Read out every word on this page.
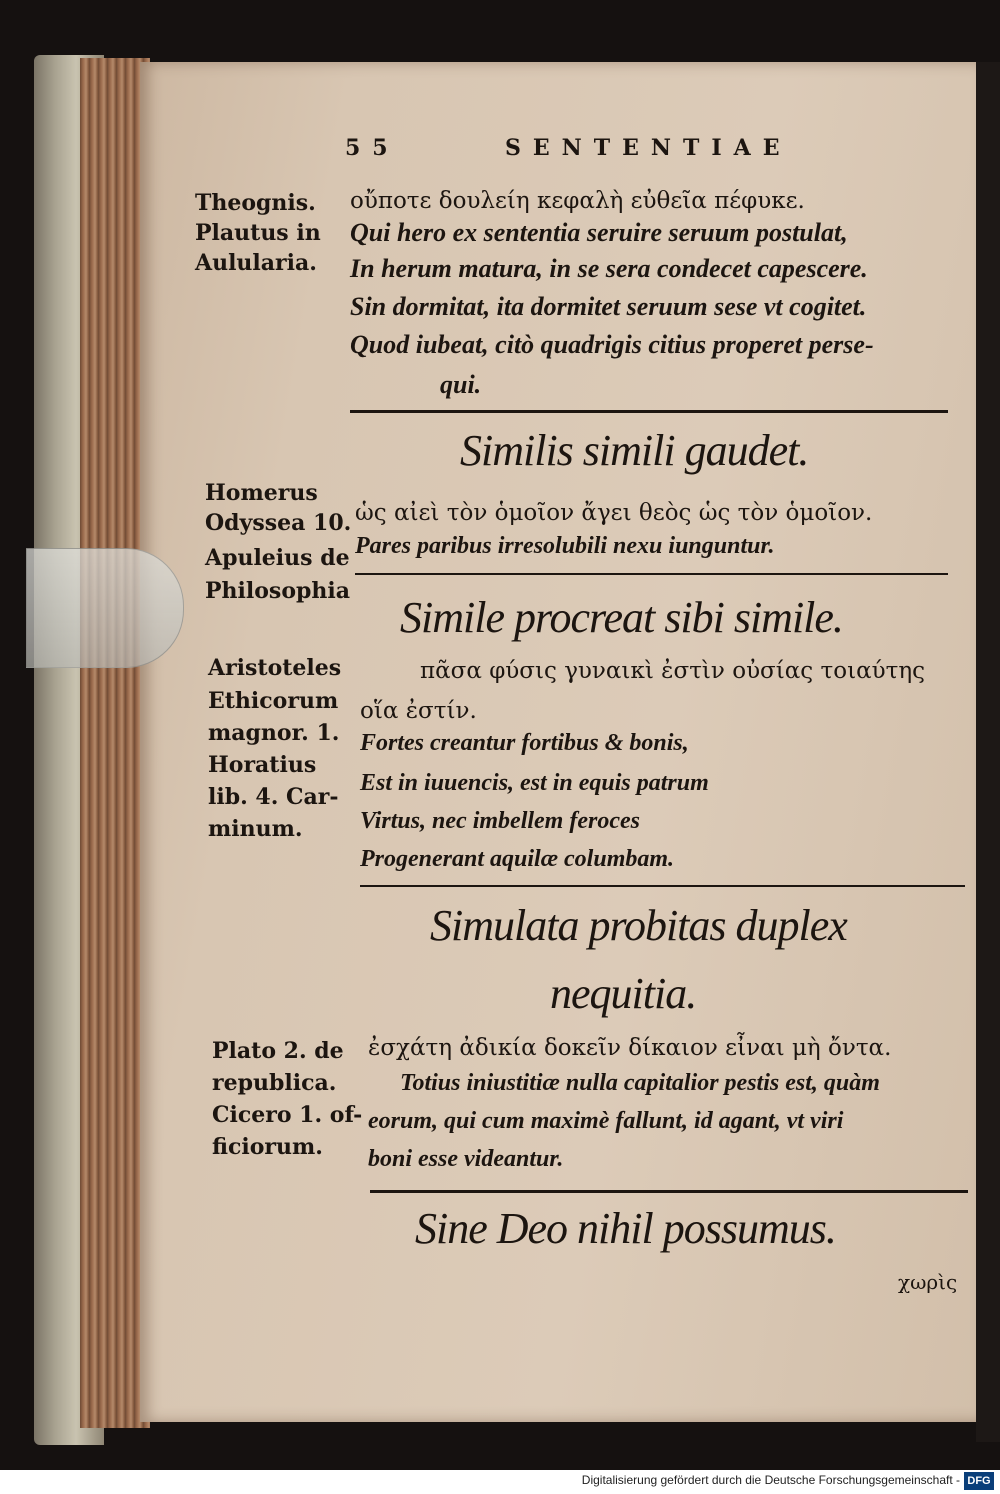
55	SENTENTIAE
Theognis.
Plautus in
Aulularia.
οὔποτε δουλείη κεφαλὴ εὐθεῖα πέφυκε.
Qui hero ex sententia seruire seruum postulat,
In herum matura, in se sera condecet capescere.
Sin dormitat, ita dormitet seruum sese vt cogitet.
Quod iubeat, citò quadrigis citius properet perse-
qui.
Similis simili gaudet.
Homerus
Odyssea 10.
Apuleius de
Philosophia
ὡς αἰεὶ τὸν ὁμοῖον ἄγει θεὸς ὡς τὸν ὁμοῖον.
Pares paribus irresolubili nexu iunguntur.
Simile procreat sibi simile.
Aristoteles
Ethicorum
magnor. 1.
Horatius
lib. 4. Car-
minum.
πᾶσα φύσις γυναικὶ ἐστὶν οὐσίας τοιαύτης
οἵα ἐστίν.
Fortes creantur fortibus & bonis,
Est in iuuencis, est in equis patrum
Virtus, nec imbellem feroces
Progenerant aquilæ columbam.
Simulata probitas duplex
nequitia.
Plato 2. de
republica.
Cicero 1. of-
ficiorum.
ἐσχάτη ἀδικία δοκεῖν δίκαιον εἶναι μὴ ὄντα.
Totius iniustitiæ nulla capitalior pestis est, quàm
eorum, qui cum maximè fallunt, id agant, vt viri
boni esse videantur.
Sine Deo nihil possumus.
χωρὶς
Digitalisierung gefördert durch die Deutsche Forschungsgemeinschaft - DFG
